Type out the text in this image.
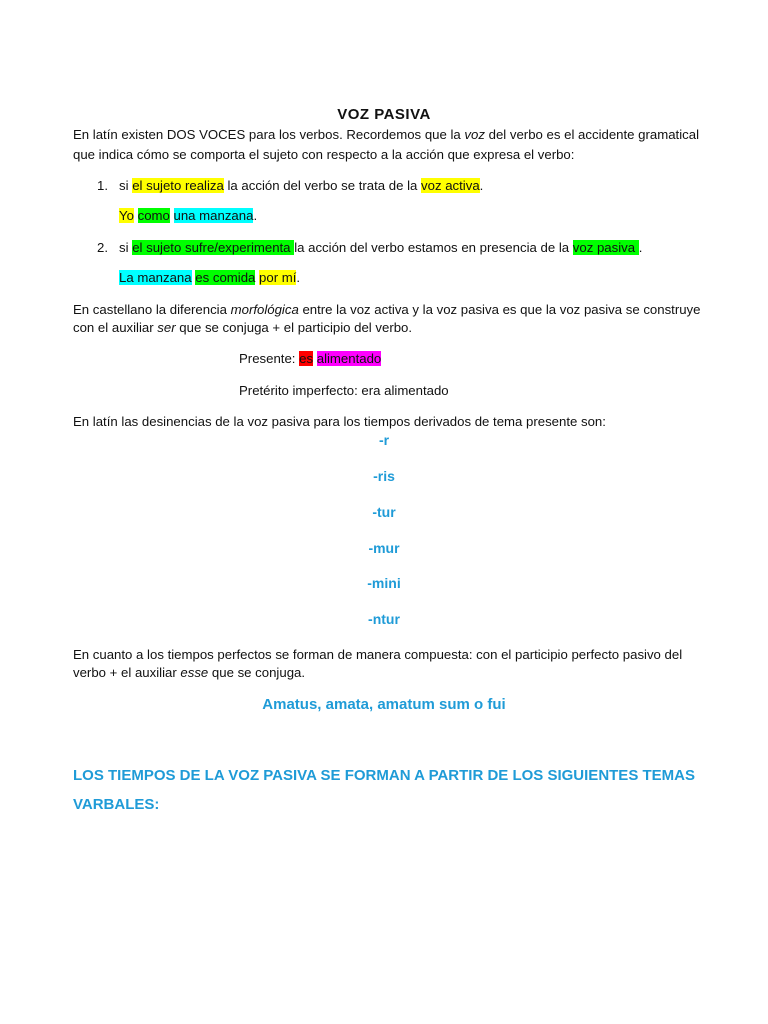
VOZ PASIVA
En latín existen DOS VOCES para los verbos. Recordemos que la voz del verbo es el accidente gramatical
que indica cómo se comporta el sujeto con respecto a la acción que expresa el verbo:
1. si el sujeto realiza la acción del verbo se trata de la voz activa.
Yo como una manzana.
2. si el sujeto sufre/experimenta la acción del verbo estamos en presencia de la voz pasiva .
La manzana es comida por mí.
En castellano la diferencia morfológica entre la voz activa y la voz pasiva es que la voz pasiva se construye
con el auxiliar ser que se conjuga + el participio del verbo.
Presente: es alimentado
Pretérito imperfecto: era alimentado
En latín las desinencias de la voz pasiva para los tiempos derivados de tema presente son:
-r
-ris
-tur
-mur
-mini
-ntur
En cuanto a los tiempos perfectos se forman de manera compuesta: con el participio perfecto pasivo del
verbo + el auxiliar esse que se conjuga.
Amatus, amata, amatum sum o fui
LOS TIEMPOS DE LA VOZ PASIVA SE FORMAN A PARTIR DE LOS SIGUIENTES TEMAS
VARBALES:
